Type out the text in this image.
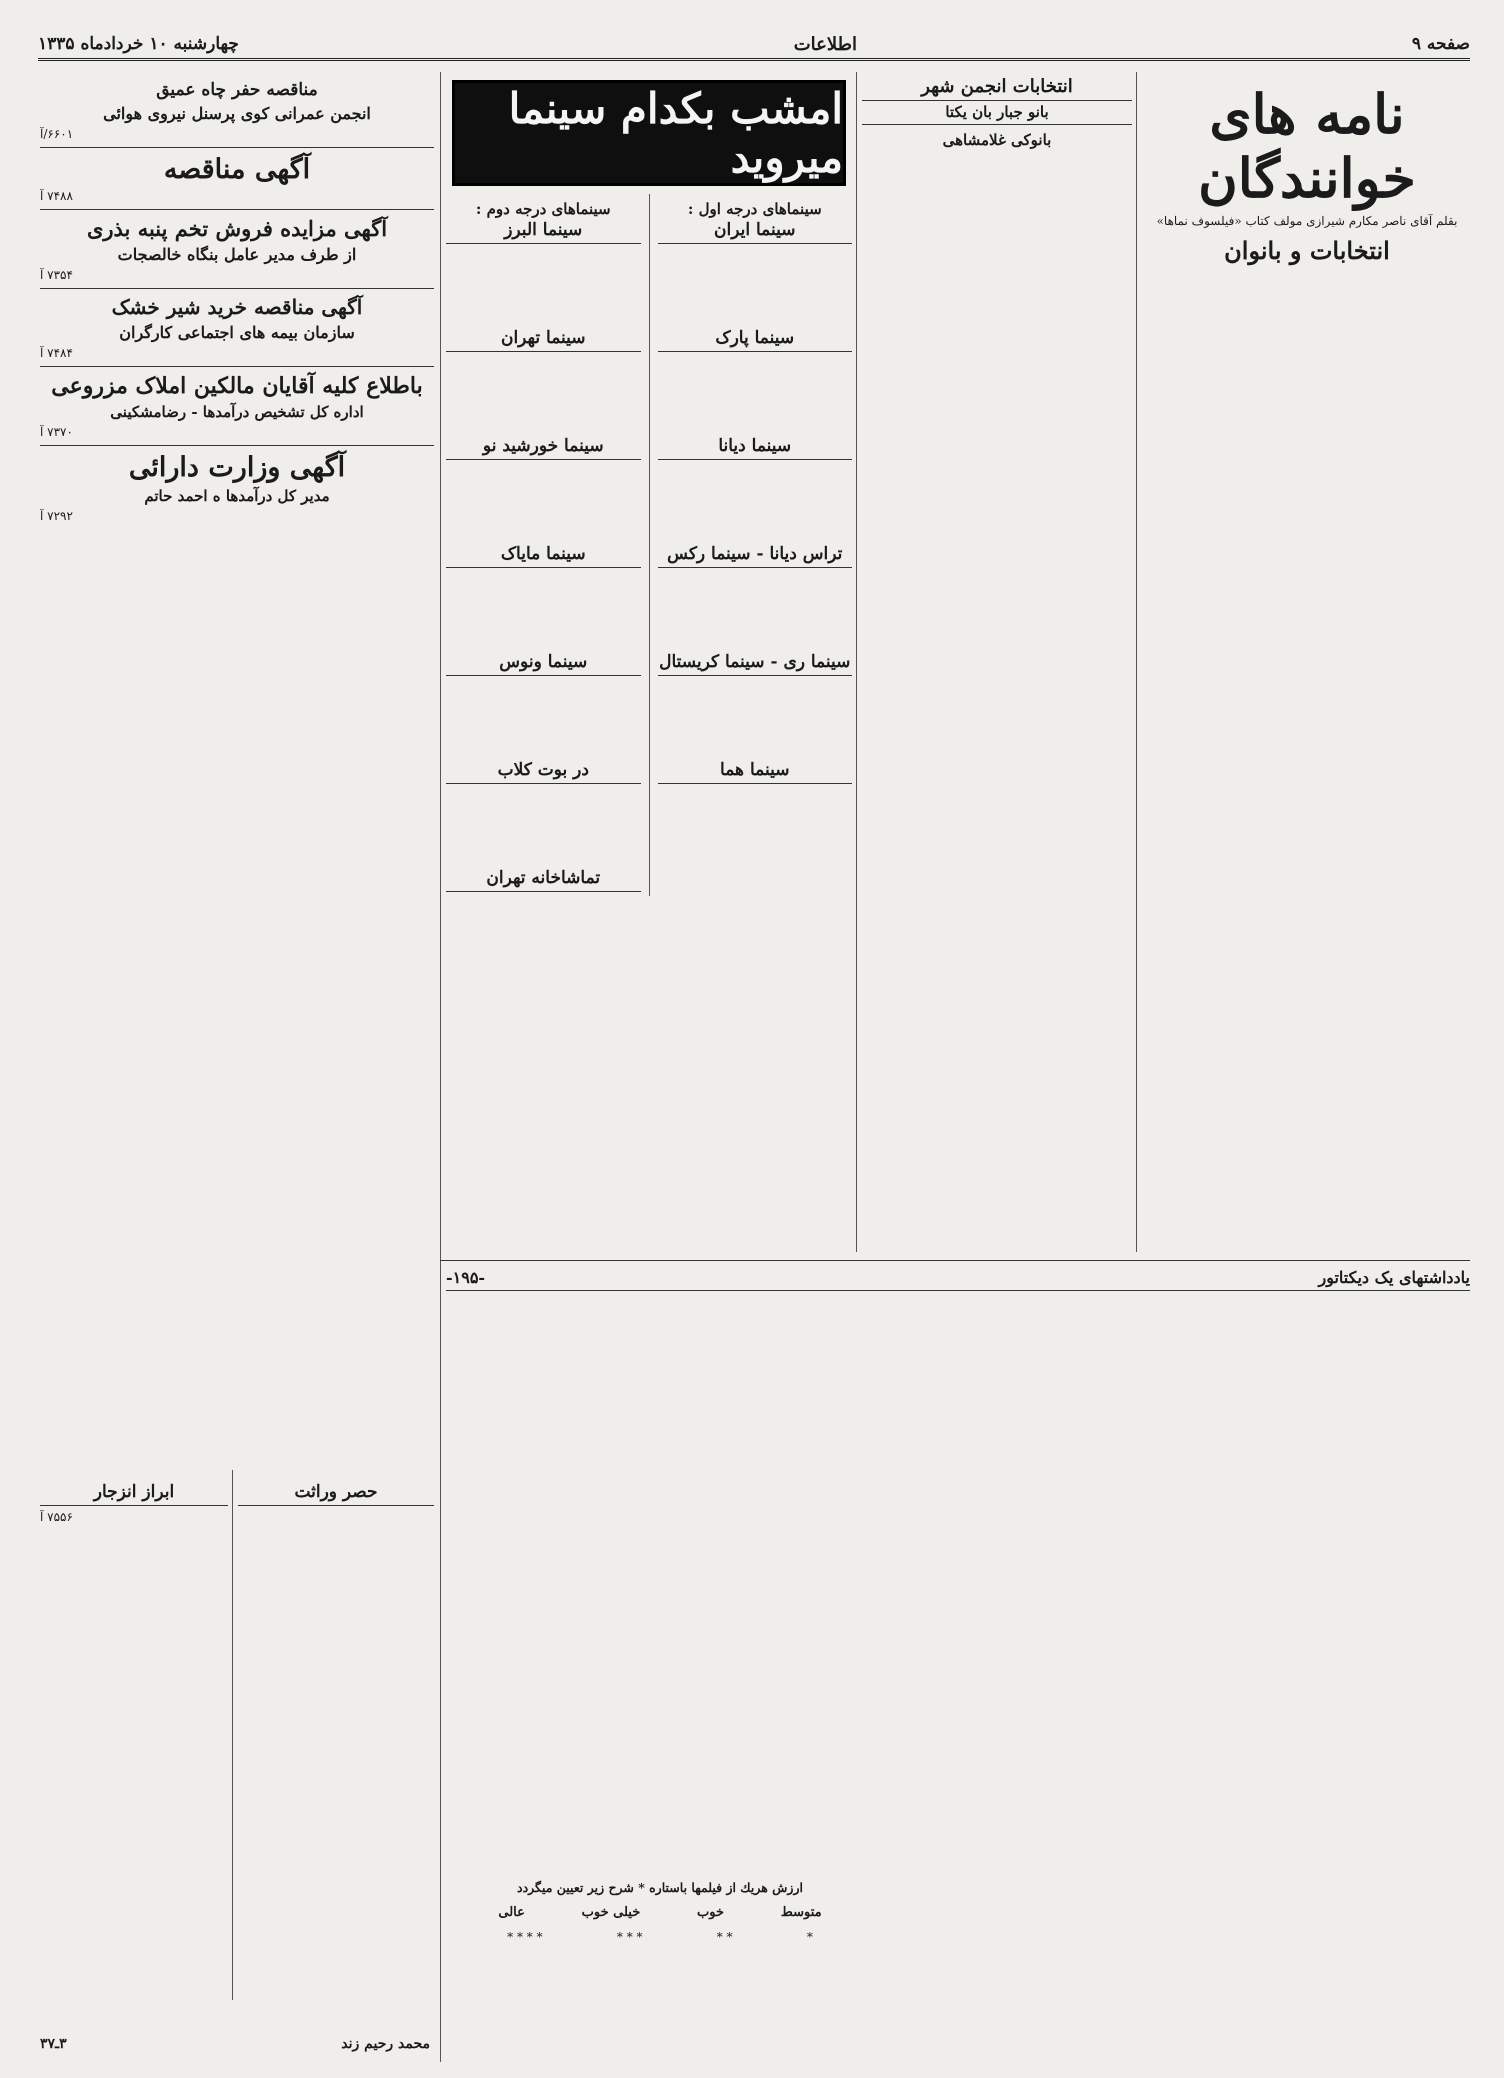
صفحه ۹
اطلاعات
چهارشنبه ۱۰ خردادماه ۱۳۳۵
نامه های خوانندگان
بقلم آقای ناصر مکارم شیرازی مولف کتاب «فیلسوف نماها»
انتخابات و بانوان
انتخابات انجمن شهر
بانو جبار بان یکتا
بانوکی غلامشاهی
امشب بکدام سینما میروید
سینماهای درجه اول :
سینما ایران
سینما پارک
سینما دیانا
تراس دیانا - سینما رکس
سینما ری - سینما کریستال
سینما هما
سینماهای درجه دوم :
سینما البرز
سینما تهران
سینما خورشید نو
سینما مایاک
سینما ونوس
در بوت کلاب
تماشاخانه تهران
یادداشتهای یک دیکتاتور
-۱۹۵-
ارزش هریك از فیلمها باستاره * شرح زیر تعیین میگردد
متوسط
خوب
خیلی خوب
عالی
*
* *
* * *
* * * *
مناقصه حفر چاه عمیق
انجمن عمرانی کوی پرسنل نیروی هوائی
۶۶۰۱/آ
آگهی مناقصه
۷۴۸۸ آ
آگهی مزایده فروش تخم پنبه بذری
از طرف مدیر عامل بنگاه خالصجات
۷۳۵۴ آ
آگهی مناقصه خرید شیر خشک
سازمان بیمه های اجتماعی کارگران
۷۴۸۴ آ
باطلاع کلیه آقایان مالکین املاک مزروعی
اداره کل تشخیص درآمدها - رضامشکینی
۷۳۷۰ آ
آگهی وزارت دارائی
مدیر کل درآمدها ه احمد حاتم
۷۲۹۲ آ
حصر وراثت
ابراز انزجار
۷۵۵۶ آ
محمد رحیم زند
۳ـ۳۷
